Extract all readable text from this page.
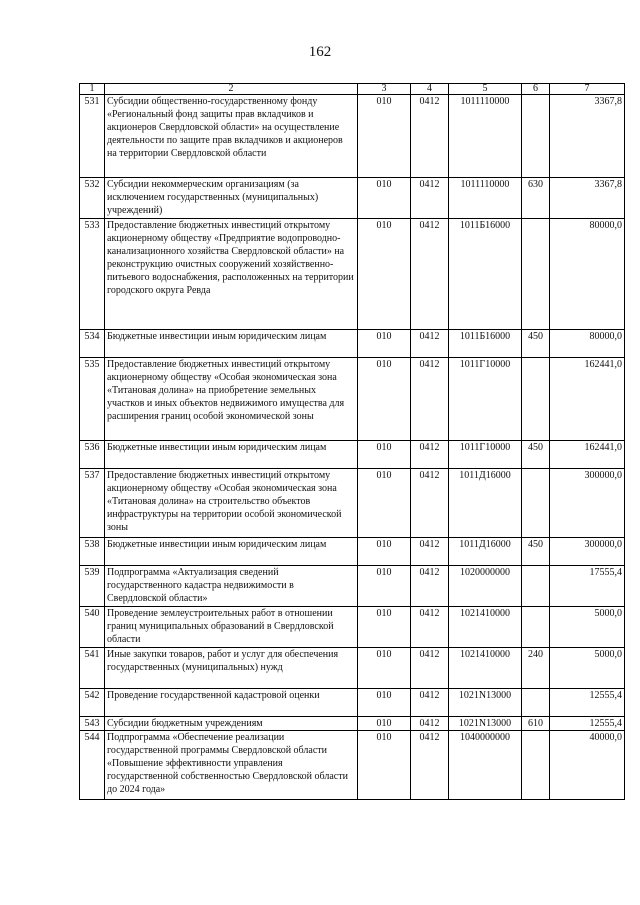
162
1	2	3	4	5	6	7
531	Субсидии общественно-государственному фонду «Региональный фонд защиты прав вкладчиков и акционеров Свердловской области» на осуществление деятельности по защите прав вкладчиков и акционеров на территории Свердловской области	010	0412	1011110000		3367,8
532	Субсидии некоммерческим организациям (за исключением государственных (муниципальных) учреждений)	010	0412	1011110000	630	3367,8
533	Предоставление бюджетных инвестиций открытому акционерному обществу «Предприятие водопроводно-канализационного хозяйства Свердловской области» на реконструкцию очистных сооружений хозяйственно-питьевого водоснабжения, расположенных на территории городского округа Ревда	010	0412	1011Б16000		80000,0
534	Бюджетные инвестиции иным юридическим лицам	010	0412	1011Б16000	450	80000,0
535	Предоставление бюджетных инвестиций открытому акционерному обществу «Особая экономическая зона «Титановая долина» на приобретение земельных участков и иных объектов недвижимого имущества для расширения границ особой экономической зоны	010	0412	1011Г10000		162441,0
536	Бюджетные инвестиции иным юридическим лицам	010	0412	1011Г10000	450	162441,0
537	Предоставление бюджетных инвестиций открытому акционерному обществу «Особая экономическая зона «Титановая долина» на строительство объектов инфраструктуры на территории особой экономической зоны	010	0412	1011Д16000		300000,0
538	Бюджетные инвестиции иным юридическим лицам	010	0412	1011Д16000	450	300000,0
539	Подпрограмма «Актуализация сведений государственного кадастра недвижимости в Свердловской области»	010	0412	1020000000		17555,4
540	Проведение землеустроительных работ в отношении границ муниципальных образований в Свердловской области	010	0412	1021410000		5000,0
541	Иные закупки товаров, работ и услуг для обеспечения государственных (муниципальных) нужд	010	0412	1021410000	240	5000,0
542	Проведение государственной кадастровой оценки	010	0412	1021N13000		12555,4
543	Субсидии бюджетным учреждениям	010	0412	1021N13000	610	12555,4
544	Подпрограмма «Обеспечение реализации государственной программы Свердловской области «Повышение эффективности управления государственной собственностью Свердловской области до 2024 года»	010	0412	1040000000		40000,0
